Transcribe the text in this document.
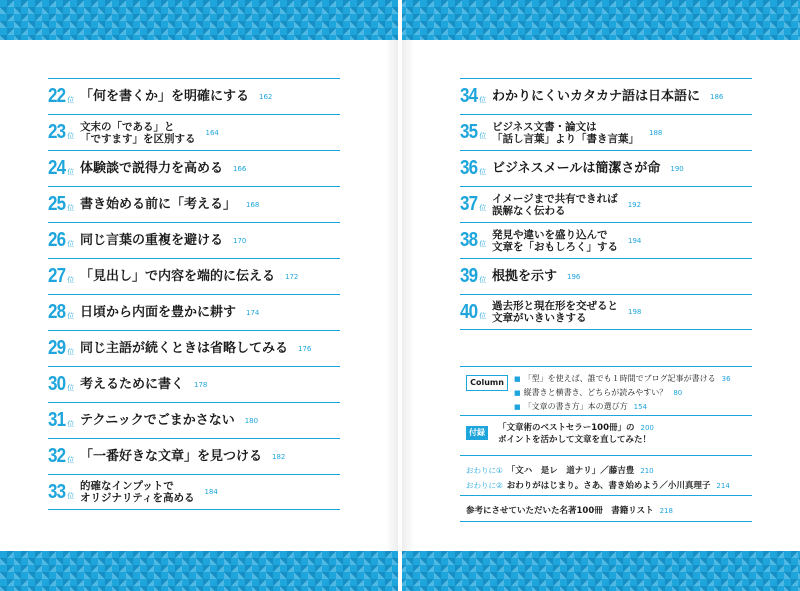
22 位 「何を書くか」を明確にする 162
23 位
文末の「である」と
「ですます」を区別する 164
24 位 体験談で説得力を高める 166
25 位 書き始める前に「考える」 168
26 位 同じ言葉の重複を避ける 170
27 位 「見出し」で内容を端的に伝える 172
28 位 日頃から内面を豊かに耕す 174
29 位 同じ主語が続くときは省略してみる 176
30 位 考えるために書く 178
31 位 テクニックでごまかさない 180
32 位 「一番好きな文章」を見つける 182
33 位
的確なインプットで
オリジナリティを高める 184
34 位 わかりにくいカタカナ語は日本語に 186
35 位
ビジネス文書・論文は
「話し言葉」より「書き言葉」 188
36 位 ビジネスメールは簡潔さが命 190
37 位
イメージまで共有できれば
誤解なく伝わる	192
38 位
発見や違いを盛り込んで
文章を「おもしろく」する 194
39 位 根拠を示す 196
40 位
過去形と現在形を交ぜると
文章がいきいきする	198
Column	■ 「型」を使えば、誰でも１時間でブログ記事が書ける 36
■ 縦書きと横書き、どちらが読みやすい？ 80
■ 「文章の書き方」本の選び方 154
付録	「文章術のベストセラー100冊」の 200
ポイントを活かして文章を直してみた！
おわりに① 「文ハ　是レ　道ナリ」／藤吉豊 210
おわりに② おわりがはじまり。さあ、書き始めよう／小川真理子 214
参考にさせていただいた名著100冊　書籍リスト 218
